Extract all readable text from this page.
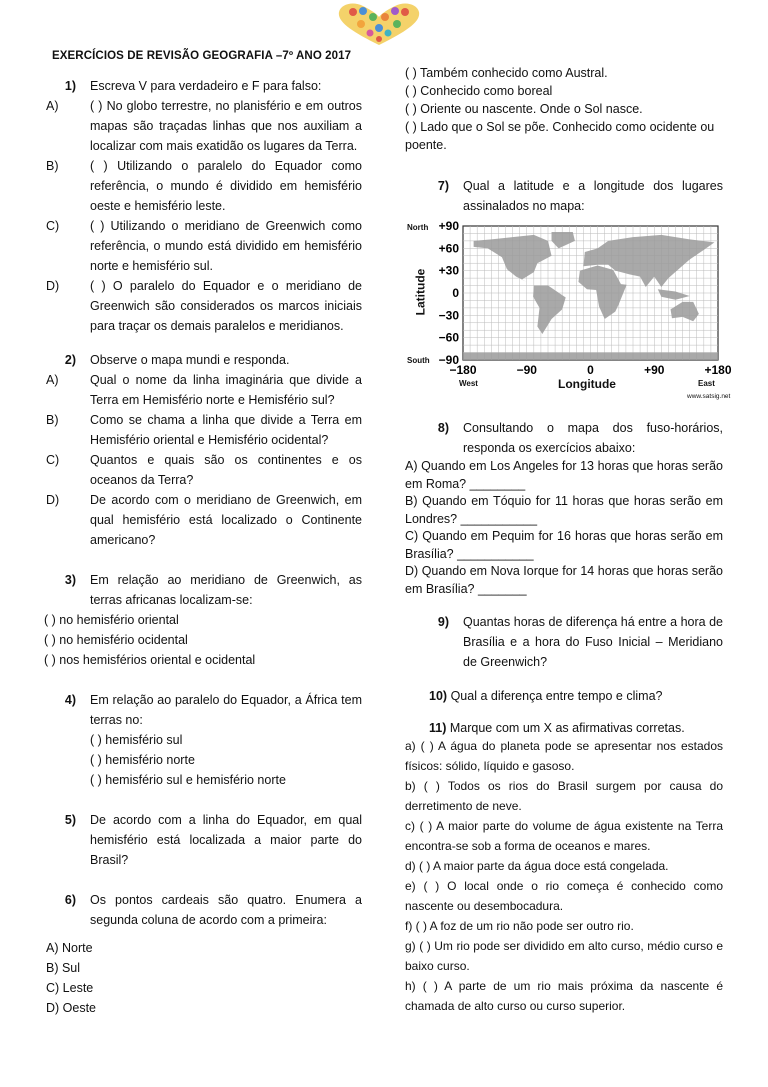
EXERCÍCIOS DE REVISÃO GEOGRAFIA –7º ANO 2017
1)	Escreva V para verdadeiro e F para falso:
A)	( ) No globo terrestre, no planisfério e em outros mapas são traçadas linhas que nos auxiliam a localizar com mais exatidão os lugares da Terra.
B)	( ) Utilizando o paralelo do Equador como referência, o mundo é dividido em hemisfério oeste e hemisfério leste.
C)	( ) Utilizando o meridiano de Greenwich como referência, o mundo está dividido em hemisfério norte e hemisfério sul.
D)	( ) O paralelo do Equador e o meridiano de Greenwich são considerados os marcos iniciais para traçar os demais paralelos e meridianos.
2)	Observe o mapa mundi e responda.
A)	Qual o nome da linha imaginária que divide a Terra em Hemisfério norte e Hemisfério sul?
B)	Como se chama a linha que divide a Terra em Hemisfério oriental e Hemisfério ocidental?
C)	Quantos e quais são os continentes e os oceanos da Terra?
D)	De acordo com o meridiano de Greenwich, em qual hemisfério está localizado o Continente americano?
3)	Em relação ao meridiano de Greenwich, as terras africanas localizam-se:
( ) no hemisfério oriental
( ) no hemisfério ocidental
( ) nos hemisférios oriental e ocidental
4)	Em relação ao paralelo do Equador, a África tem terras no:
( ) hemisfério sul
( ) hemisfério norte
( ) hemisfério sul e hemisfério norte
5)	De acordo com a linha do Equador, em qual hemisfério está localizada a maior parte do Brasil?
6)	Os pontos cardeais são quatro. Enumera a segunda coluna de acordo com a primeira:
A) Norte
B) Sul
C) Leste
D) Oeste
( ) Também conhecido como Austral.
( ) Conhecido como boreal
( ) Oriente ou nascente. Onde o Sol nasce.
( ) Lado que o Sol se põe. Conhecido como ocidente ou poente.
7)	Qual a latitude e a longitude dos lugares assinalados no mapa:
+90
+60
+30
0
−30
−60
−90
−180	−90	0	+90	+180
North
South
West	East
Longitude
Latitude
www.satsig.net
8)	Consultando o mapa dos fuso-horários, responda os exercícios abaixo:
A) Quando em Los Angeles for 13 horas que horas serão em Roma? ________
B) Quando em Tóquio for 11 horas que horas serão em Londres? ___________
C) Quando em Pequim for 16 horas que horas serão em Brasília? ___________
D) Quando em Nova Iorque for 14 horas que horas serão em Brasília? _______
9)	Quantas horas de diferença há entre a hora de Brasília e a hora do Fuso Inicial – Meridiano de Greenwich?
10) Qual a diferença entre tempo e clima?
11) Marque com um X as afirmativas corretas.
a) ( ) A água do planeta pode se apresentar nos estados físicos: sólido, líquido e gasoso.
b) ( ) Todos os rios do Brasil surgem por causa do derretimento de neve.
c) ( ) A maior parte do volume de água existente na Terra encontra-se sob a forma de oceanos e mares.
d) ( ) A maior parte da água doce está congelada.
e) ( ) O local onde o rio começa é conhecido como nascente ou desembocadura.
f) ( ) A foz de um rio não pode ser outro rio.
g) ( ) Um rio pode ser dividido em alto curso, médio curso e baixo curso.
h) ( ) A parte de um rio mais próxima da nascente é chamada de alto curso ou curso superior.
